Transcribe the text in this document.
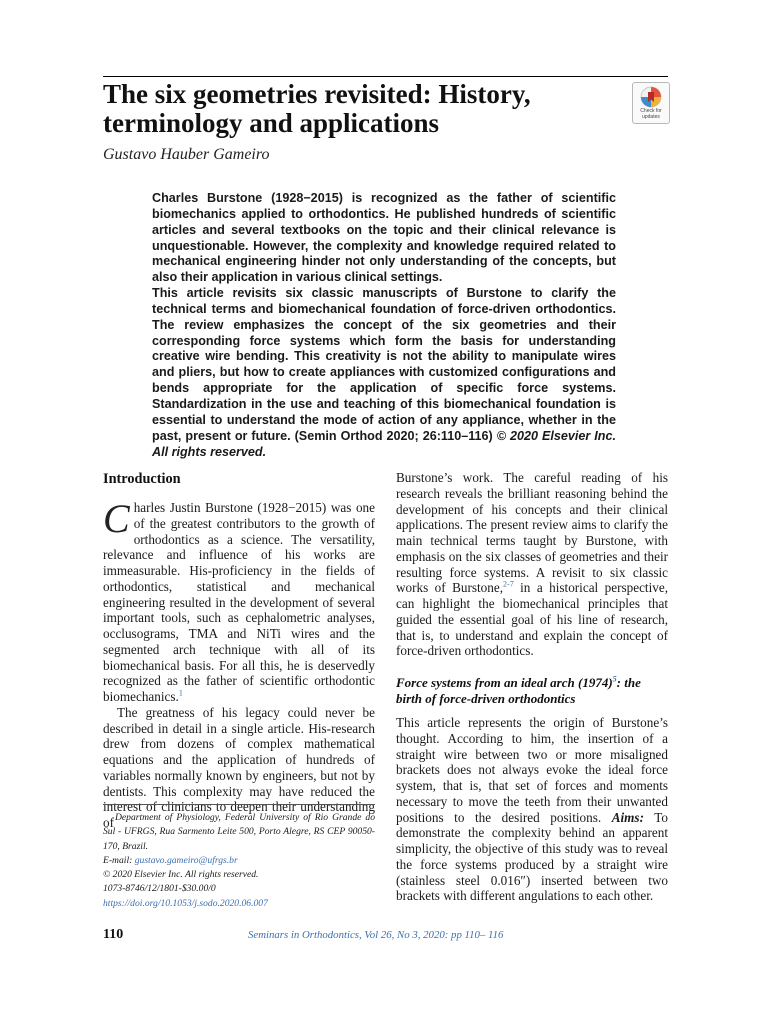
The six geometries revisited: History,
terminology and applications	Check for
updates

Gustavo Hauber Gameiro

Charles Burstone (1928−2015) is recognized as the father of scientific biomechanics applied to orthodontics. He published hundreds of scientific articles and several textbooks on the topic and their clinical relevance is unquestionable. However, the complexity and knowledge required related to mechanical engineering hinder not only understanding of the concepts, but also their application in various clinical settings.

This article revisits six classic manuscripts of Burstone to clarify the technical terms and biomechanical foundation of force-driven orthodontics. The review emphasizes the concept of the six geometries and their corresponding force systems which form the basis for understanding creative wire bending. This creativity is not the ability to manipulate wires and pliers, but how to create appliances with customized configurations and bends appropriate for the application of specific force systems. Standardization in the use and teaching of this biomechanical foundation is essential to understand the mode of action of any appliance, whether in the past, present or future. (Semin Orthod 2020; 26:110–116) © 2020 Elsevier Inc. All rights reserved.

Introduction

Charles Justin Burstone (1928−2015) was one of the greatest contributors to the growth of orthodontics as a science. The versatility, relevance and influence of his works are immeasurable. His-proficiency in the fields of orthodontics, statistical and mechanical engineering resulted in the development of several important tools, such as cephalometric analyses, occlusograms, TMA and NiTi wires and the segmented arch technique with all of its biomechanical basis. For all this, he is deservedly recognized as the father of scientific orthodontic biomechanics.$^1$

The greatness of his legacy could never be described in detail in a single article. His-research drew from dozens of complex mathematical equations and the application of hundreds of variables normally known by engineers, but not by dentists. This complexity may have reduced the interest of clinicians to deepen their understanding of

Burstone’s work. The careful reading of his research reveals the brilliant reasoning behind the development of his concepts and their clinical applications. The present review aims to clarify the main technical terms taught by Burstone, with emphasis on the six classes of geometries and their resulting force systems. A revisit to six classic works of Burstone,$^{2-7}$ in a historical perspective, can highlight the biomechanical principles that guided the essential goal of his line of research, that is, to understand and explain the concept of force-driven orthodontics.

Force systems from an ideal arch $(1974)^5$: the birth of force-driven orthodontics

This article represents the origin of Burstone’s thought. According to him, the insertion of a straight wire between two or more misaligned brackets does not always evoke the ideal force system, that is, that set of forces and moments necessary to move the teeth from their unwanted positions to the desired positions. Aims: To demonstrate the complexity behind an apparent simplicity, the objective of this study was to reveal the force systems produced by a straight wire (stainless steel 0.016″) inserted between two brackets with different angulations to each other.

Department of Physiology, Federal University of Rio Grande do Sul - UFRGS, Rua Sarmento Leite 500, Porto Alegre, RS CEP 90050-170, Brazil.

E-mail: gustavo.gameiro@ufrgs.br

© 2020 Elsevier Inc. All rights reserved.

1073-8746/12/1801-$30.00/0

https://doi.org/10.1053/j.sodo.2020.06.007

110	Seminars in Orthodontics, Vol 26, No 3, 2020: pp 110– 116
